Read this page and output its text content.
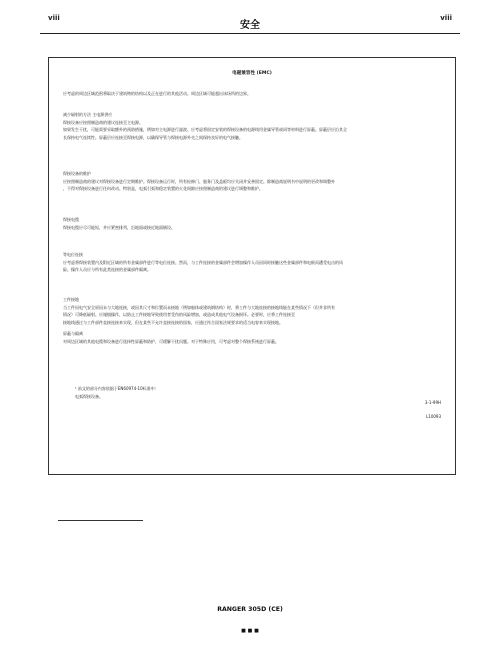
viii
安全
viii
电磁兼容性 (EMC)

应考虑的周边区域范围将取决于建筑物的结构以及正在进行的其他活动。周边区域可能超出该场所的边界。

减少辐射的方法 主电源供应

焊接设备应按照制造商的建议连接至主电源。

如果发生干扰，可能需要采取额外的预防措施，例如对主电源进行滤波。应考虑将固定安装的焊接设备的电源线用金属导管或同等材料进行屏蔽。屏蔽层应沿其全

长保持电气连续性。屏蔽层应连接至焊接电源，以确保导管与焊接电源外壳之间保持良好的电气接触。

焊接设备的维护

应按照制造商的建议对焊接设备进行定期维护。焊接设备运行时，所有检修门、服务门及盖板均应关闭并妥善固定。除制造商说明书中说明的更改和调整外

，不得对焊接设备进行任何改动。特别是，电弧引弧和稳定装置的火花间隙应按照制造商的建议进行调整和维护。

焊接电缆

焊接电缆应尽可能短，并应紧密排列，沿地面或接近地面铺设。

等电位连接

应考虑将焊接装置内及附近区域的所有金属部件进行等电位连接。然而，与工件连接的金属部件会增加操作人员因同时接触这些金属部件和电极而遭受电击的风

险。操作人员应与所有此类连接的金属部件隔离。

工件接地

当工件因电气安全原因未与大地连接，或因其尺寸和位置而未接地（例如船体或建筑钢结构）时，将工件与大地连接的接地线能在某些情况下（但并非所有

情况）可降低辐射。应谨慎操作，以防止工件接地导致使用者受伤的风险增加，或造成其他电气设备损坏。必要时，应将工件连接至

接地线通过与工件部件直接连接来实现，但在某些不允许直接连接的国家，应通过符合国家法规要求的适当电容来实现接地。

屏蔽与隔离

对周边区域的其他电缆和设备进行选择性屏蔽和防护，可缓解干扰问题。对于特殊应用，可考虑对整个焊接系统进行屏蔽。

¹ 前文的部分内容依据于EN60974-10标准中:

电弧焊接设备。

3-1-99H
L10093
RANGER 305D (CE)
■ ■ ■
